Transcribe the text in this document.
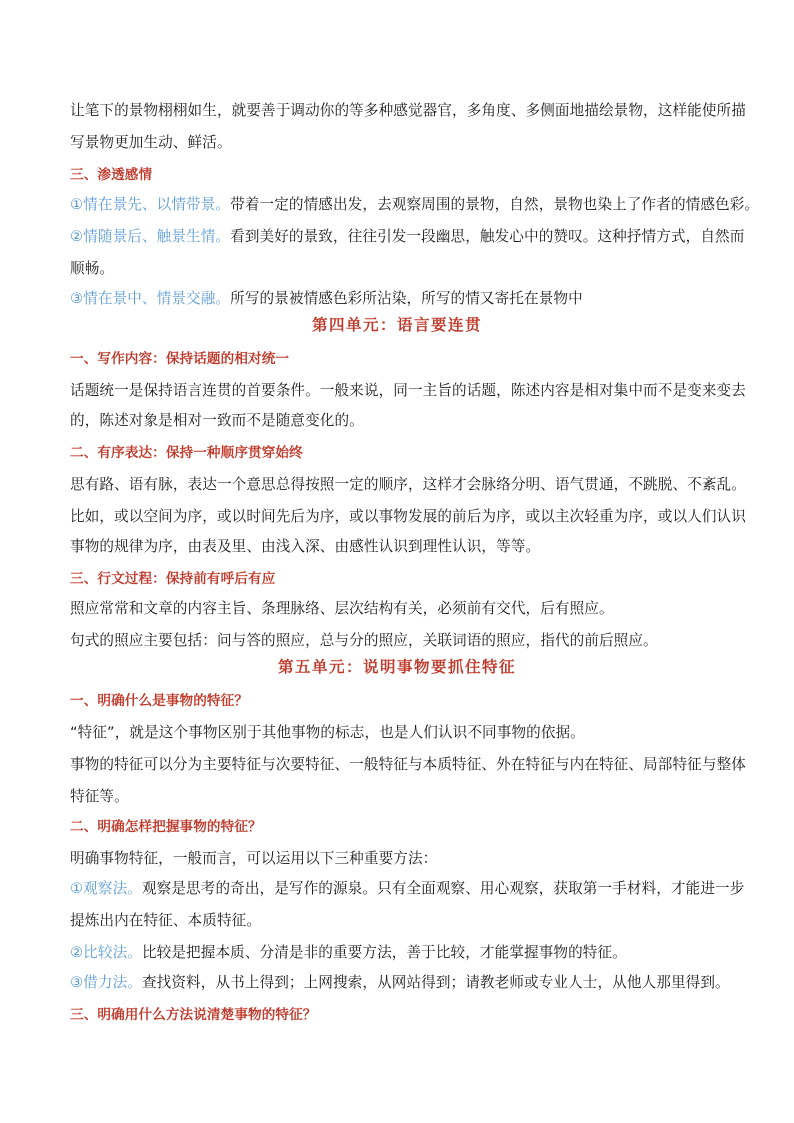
让笔下的景物栩栩如生，就要善于调动你的等多种感觉器官，多角度、多侧面地描绘景物，这样能使所描
写景物更加生动、鲜活。
三、渗透感情
①情在景先、以情带景。带着一定的情感出发，去观察周围的景物，自然，景物也染上了作者的情感色彩。
②情随景后、触景生情。看到美好的景致，往往引发一段幽思，触发心中的赞叹。这种抒情方式，自然而
顺畅。
③情在景中、情景交融。所写的景被情感色彩所沾染，所写的情又寄托在景物中
第四单元：语言要连贯
一、写作内容：保持话题的相对统一
话题统一是保持语言连贯的首要条件。一般来说，同一主旨的话题，陈述内容是相对集中而不是变来变去
的，陈述对象是相对一致而不是随意变化的。
二、有序表达：保持一种顺序贯穿始终
思有路、语有脉，表达一个意思总得按照一定的顺序，这样才会脉络分明、语气贯通，不跳脱、不紊乱。
比如，或以空间为序，或以时间先后为序，或以事物发展的前后为序，或以主次轻重为序，或以人们认识
事物的规律为序，由表及里、由浅入深、由感性认识到理性认识，等等。
三、行文过程：保持前有呼后有应
照应常常和文章的内容主旨、条理脉络、层次结构有关，必须前有交代，后有照应。
句式的照应主要包括：问与答的照应，总与分的照应，关联词语的照应，指代的前后照应。
第五单元：说明事物要抓住特征
一、明确什么是事物的特征？
“特征”，就是这个事物区别于其他事物的标志，也是人们认识不同事物的依据。
事物的特征可以分为主要特征与次要特征、一般特征与本质特征、外在特征与内在特征、局部特征与整体
特征等。
二、明确怎样把握事物的特征？
明确事物特征，一般而言，可以运用以下三种重要方法：
①观察法。观察是思考的奇出，是写作的源泉。只有全面观察、用心观察，获取第一手材料，才能进一步
提炼出内在特征、本质特征。
②比较法。比较是把握本质、分清是非的重要方法，善于比较，才能掌握事物的特征。
③借力法。查找资料，从书上得到；上网搜索，从网站得到；请教老师或专业人士，从他人那里得到。
三、明确用什么方法说清楚事物的特征？
